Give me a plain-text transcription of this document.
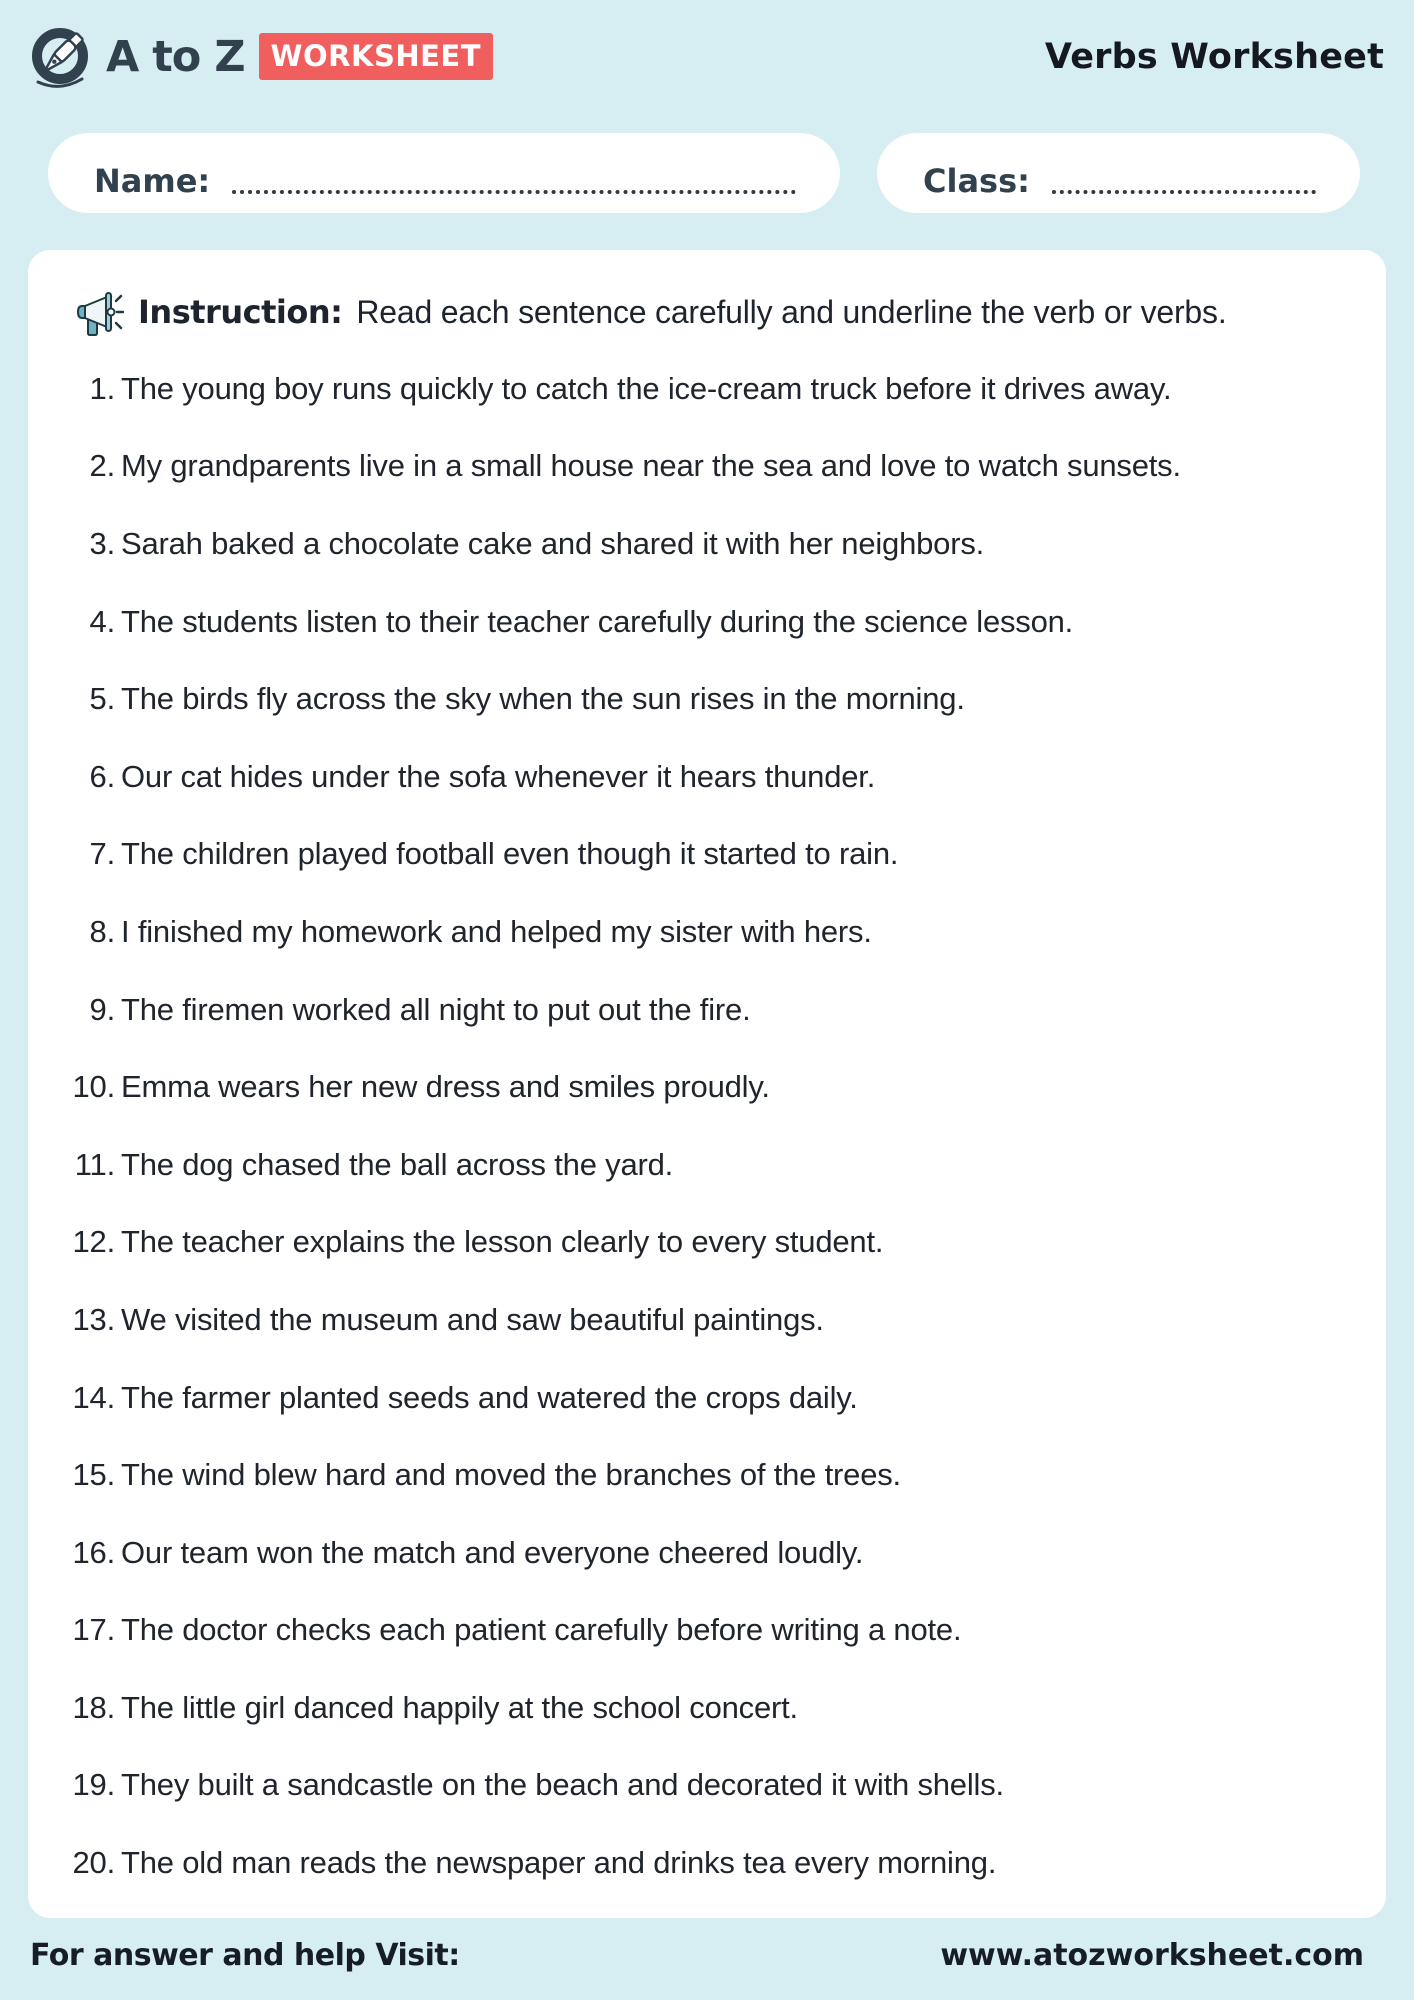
A to Z WORKSHEET	Verbs Worksheet
Name:	Class:
Instruction: Read each sentence carefully and underline the verb or verbs.
1. The young boy runs quickly to catch the ice-cream truck before it drives away.
2. My grandparents live in a small house near the sea and love to watch sunsets.
3. Sarah baked a chocolate cake and shared it with her neighbors.
4. The students listen to their teacher carefully during the science lesson.
5. The birds fly across the sky when the sun rises in the morning.
6. Our cat hides under the sofa whenever it hears thunder.
7. The children played football even though it started to rain.
8. I finished my homework and helped my sister with hers.
9. The firemen worked all night to put out the fire.
10. Emma wears her new dress and smiles proudly.
11. The dog chased the ball across the yard.
12. The teacher explains the lesson clearly to every student.
13. We visited the museum and saw beautiful paintings.
14. The farmer planted seeds and watered the crops daily.
15. The wind blew hard and moved the branches of the trees.
16. Our team won the match and everyone cheered loudly.
17. The doctor checks each patient carefully before writing a note.
18. The little girl danced happily at the school concert.
19. They built a sandcastle on the beach and decorated it with shells.
20. The old man reads the newspaper and drinks tea every morning.
For answer and help Visit:	www.atozworksheet.com
